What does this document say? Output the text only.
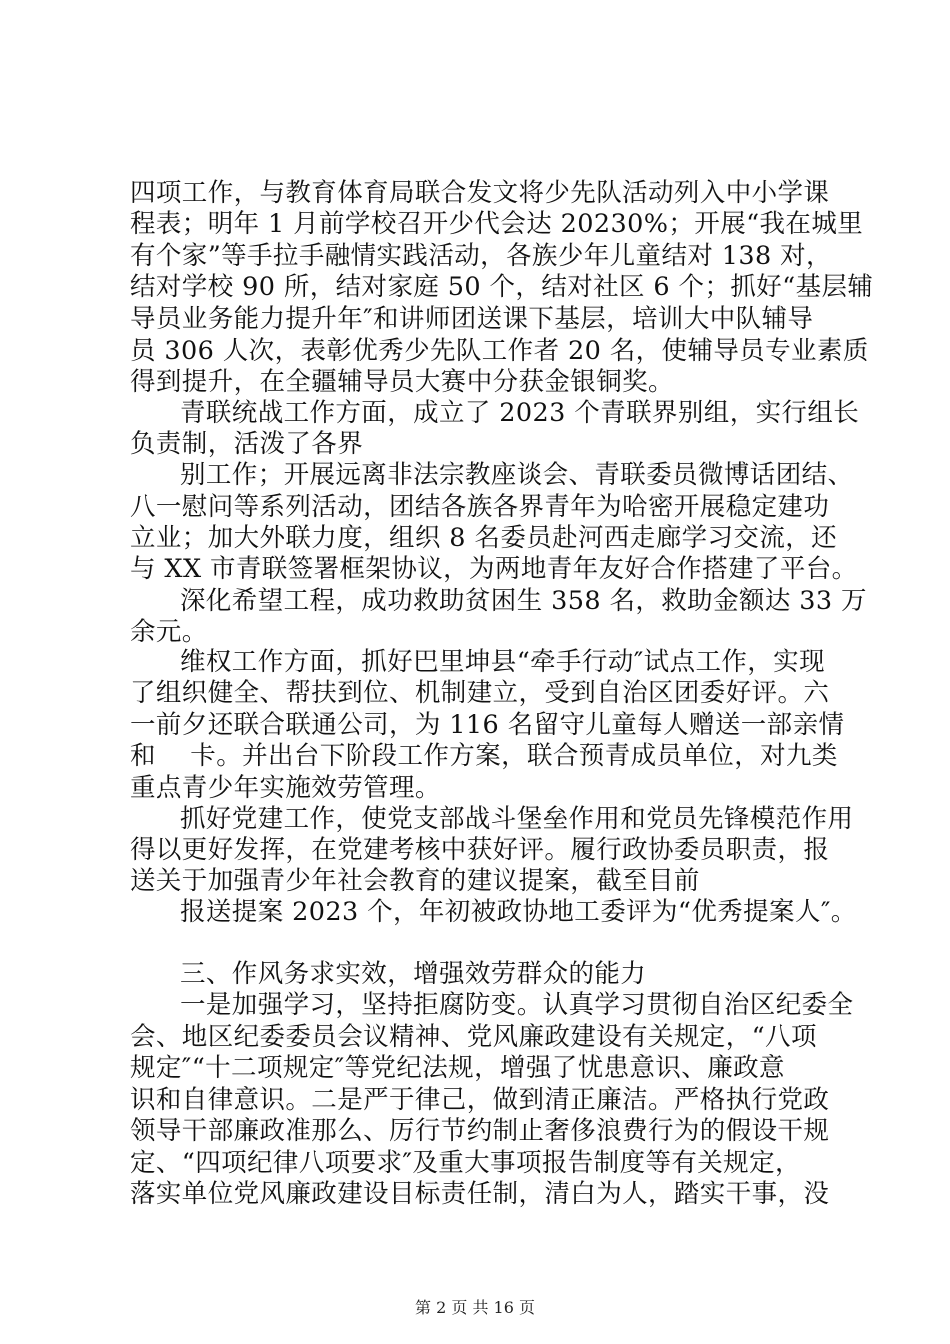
四项工作，与教育体育局联合发文将少先队活动列入中小学课
程表；明年 1 月前学校召开少代会达 20230%；开展“我在城里
有个家”等手拉手融情实践活动，各族少年儿童结对 138 对，
结对学校 90 所，结对家庭 50 个，结对社区 6 个；抓好“基层辅
导员业务能力提升年″和讲师团送课下基层，培训大中队辅导
员 306 人次，表彰优秀少先队工作者 20 名，使辅导员专业素质
得到提升，在全疆辅导员大赛中分获金银铜奖。
青联统战工作方面，成立了 2023 个青联界别组，实行组长
负责制，活泼了各界
别工作；开展远离非法宗教座谈会、青联委员微博话团结、
八一慰问等系列活动，团结各族各界青年为哈密开展稳定建功
立业；加大外联力度，组织 8 名委员赴河西走廊学习交流，还
与 XX 市青联签署框架协议，为两地青年友好合作搭建了平台。
深化希望工程，成功救助贫困生 358 名，救助金额达 33 万
余元。
维权工作方面，抓好巴里坤县“牵手行动″试点工作，实现
了组织健全、帮扶到位、机制建立，受到自治区团委好评。六
一前夕还联合联通公司，为 116 名留守儿童每人赠送一部亲情
和　 卡。并出台下阶段工作方案，联合预青成员单位，对九类
重点青少年实施效劳管理。
抓好党建工作，使党支部战斗堡垒作用和党员先锋模范作用
得以更好发挥，在党建考核中获好评。履行政协委员职责，报
送关于加强青少年社会教育的建议提案，截至目前
报送提案 2023 个，年初被政协地工委评为“优秀提案人″。
三、作风务求实效，增强效劳群众的能力
一是加强学习，坚持拒腐防变。认真学习贯彻自治区纪委全
会、地区纪委委员会议精神、党风廉政建设有关规定，“八项
规定″“十二项规定″等党纪法规，增强了忧患意识、廉政意
识和自律意识。二是严于律己，做到清正廉洁。严格执行党政
领导干部廉政准那么、厉行节约制止奢侈浪费行为的假设干规
定、“四项纪律八项要求″及重大事项报告制度等有关规定，
落实单位党风廉政建设目标责任制，清白为人，踏实干事，没
第 2 页 共 16 页
